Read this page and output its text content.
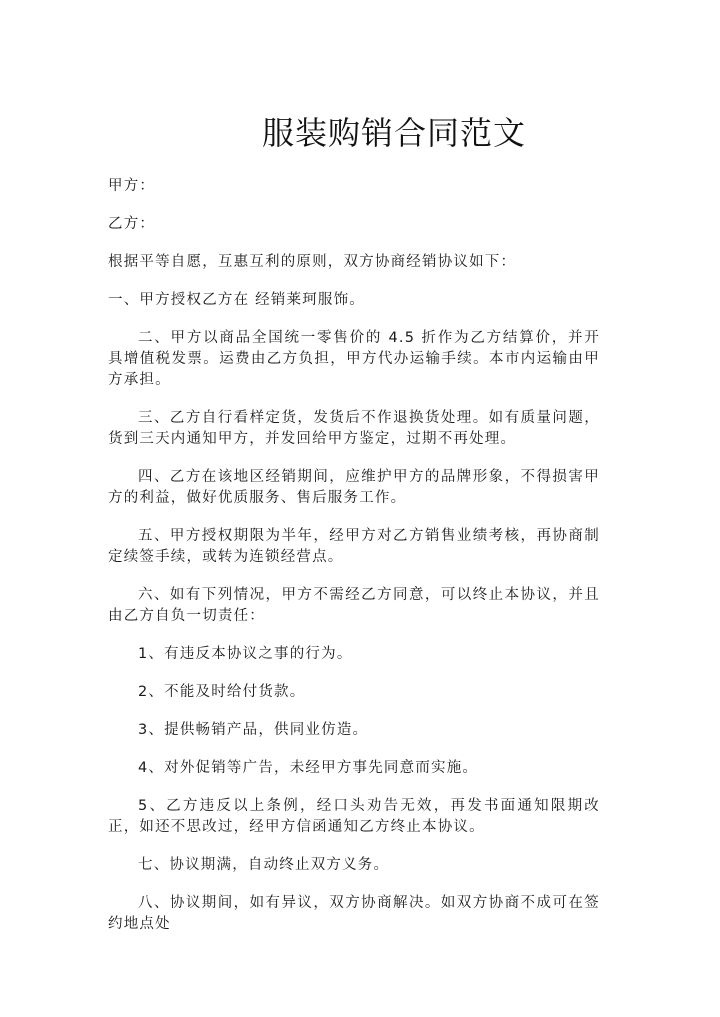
服装购销合同范文

甲方：

乙方：

根据平等自愿，互惠互利的原则，双方协商经销协议如下：

一、甲方授权乙方在 经销莱珂服饰。

二、甲方以商品全国统一零售价的 4.5 折作为乙方结算价，并开具增值税发票。运费由乙方负担，甲方代办运输手续。本市内运输由甲方承担。

三、乙方自行看样定货，发货后不作退换货处理。如有质量问题，货到三天内通知甲方，并发回给甲方鉴定，过期不再处理。

四、乙方在该地区经销期间，应维护甲方的品牌形象，不得损害甲方的利益，做好优质服务、售后服务工作。

五、甲方授权期限为半年，经甲方对乙方销售业绩考核，再协商制定续签手续，或转为连锁经营点。

六、如有下列情况，甲方不需经乙方同意，可以终止本协议，并且由乙方自负一切责任：

1、有违反本协议之事的行为。

2、不能及时给付货款。

3、提供畅销产品，供同业仿造。

4、对外促销等广告，未经甲方事先同意而实施。

5、乙方违反以上条例，经口头劝告无效，再发书面通知限期改正，如还不思改过，经甲方信函通知乙方终止本协议。

七、协议期满，自动终止双方义务。

八、协议期间，如有异议，双方协商解决。如双方协商不成可在签约地点处
